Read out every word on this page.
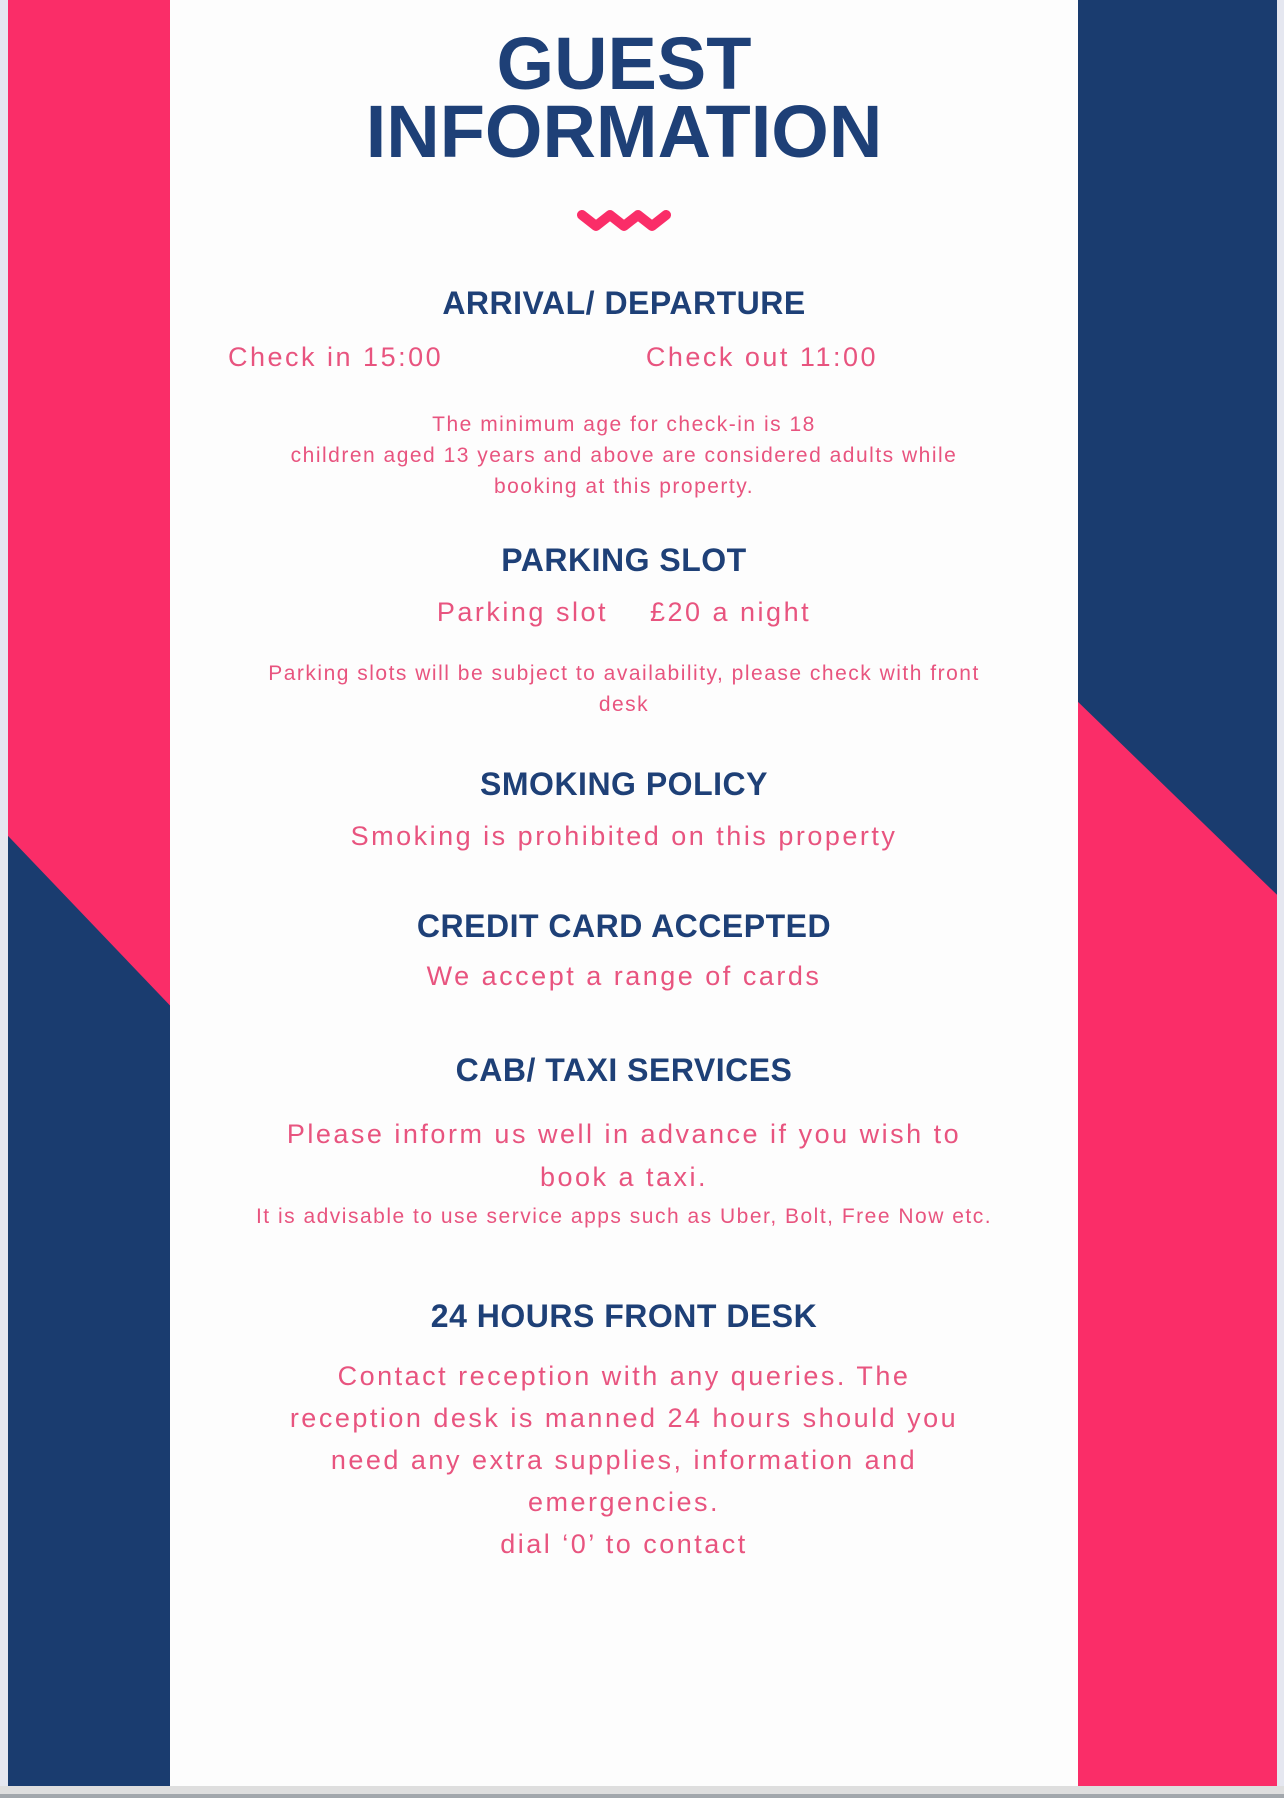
GUEST
INFORMATION
ARRIVAL/ DEPARTURE
Check in 15:00	Check out 11:00
The minimum age for check-in is 18
children aged 13 years and above are considered adults while
booking at this property.
PARKING SLOT
Parking slot £20 a night
Parking slots will be subject to availability, please check with front
desk
SMOKING POLICY
Smoking is prohibited on this property
CREDIT CARD ACCEPTED
We accept a range of cards
CAB/ TAXI SERVICES
Please inform us well in advance if you wish to
book a taxi.
It is advisable to use service apps such as Uber, Bolt, Free Now etc.
24 HOURS FRONT DESK
Contact reception with any queries. The
reception desk is manned 24 hours should you
need any extra supplies, information and
emergencies.
dial ‘0’ to contact
